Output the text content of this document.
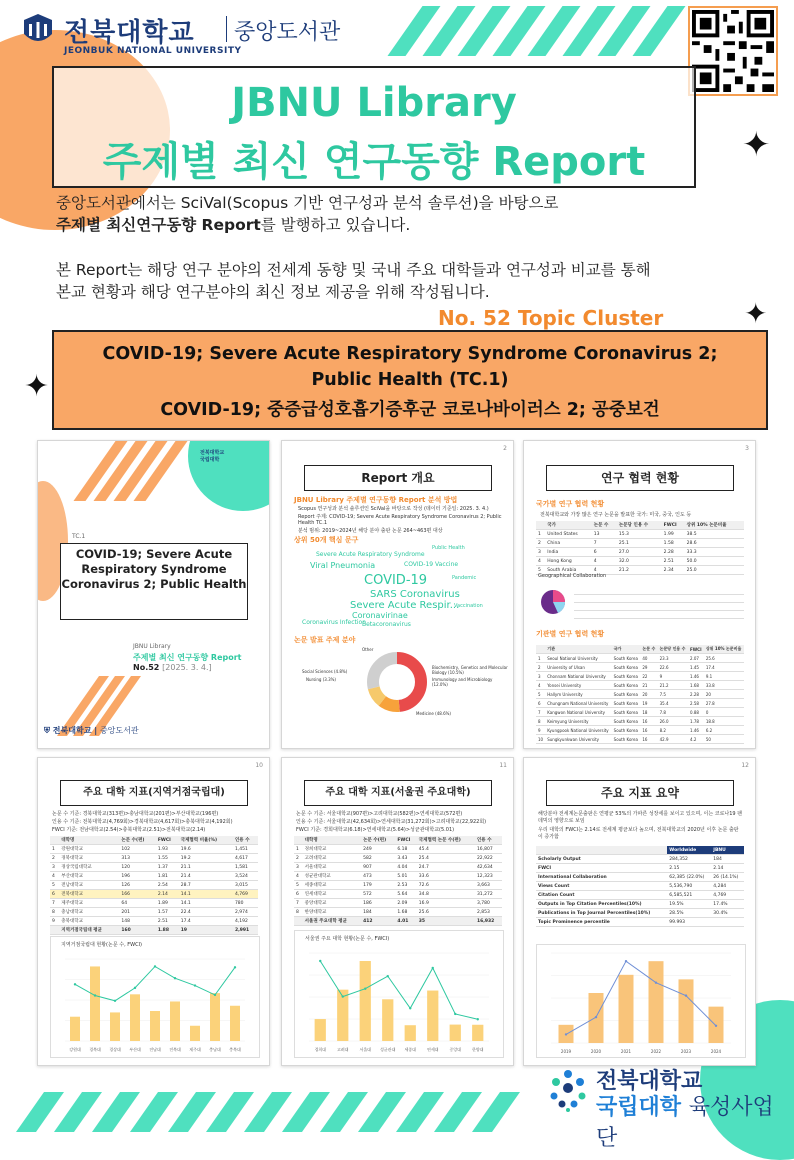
✦
✦
✦
전북대학교
JEONBUK NATIONAL UNIVERSITY
중앙도서관
JBNU Library
주제별 최신 연구동향 Report
중앙도서관에서는 SciVal(Scopus 기반 연구성과 분석 솔루션)을 바탕으로
주제별 최신연구동향 Report를 발행하고 있습니다.
본 Report는 해당 연구 분야의 전세계 동향 및 국내 주요 대학들과 연구성과 비교를 통해
본교 현황과 해당 연구분야의 최신 정보 제공을 위해 작성됩니다.
No. 52 Topic Cluster
COVID-19; Severe Acute Respiratory Syndrome Coronavirus 2;
Public Health (TC.1)
COVID-19; 중증급성호흡기증후군 코로나바이러스 2; 공중보건
전북대학교
국립대학
TC.1
COVID-19; Severe Acute Respiratory Syndrome Coronavirus 2; Public Health
JBNU Library
주제별 최신 연구동향 Report
No.52 [2025. 3. 4.]
⛨ 전북대학교 | 중앙도서관
2
Report 개요
JBNU Library 주제별 연구동향 Report 분석 방법
Scopus 연구성과 분석 솔루션인 SciVal을 바탕으로 작성 (데이터 기준일: 2025. 3. 4.)
Report 주제: COVID-19; Severe Acute Respiratory Syndrome Coronavirus 2; Public Health TC.1
분석 범위: 2019~2024년 해당 분야 출판 논문 264~463편 대상
상위 50개 핵심 문구
COVID-19
SARS Coronavirus
Severe Acute Respir...
Coronavirinae
Viral Pneumonia
Severe Acute Respiratory Syndrome
COVID-19 Vaccine
Betacoronavirus
Coronavirus Infection
Public Health
Pandemic
Vaccination
논문 발표 주제 분야
Medicine (48.6%)
Immunology and Microbiology (12.0%)
Biochemistry, Genetics and Molecular Biology (10.5%)
Other
Social Sciences (4.8%)
Nursing (3.3%)
3
연구 협력 현황
국가별 연구 협력 현황
전북대학교와 가장 많은 연구 논문을 발표한 국가: 미국, 중국, 인도 등
	국가	논문 수	논문당 인용 수	FWCI	상위 10% 논문비율
1	United States	13	15.3	1.99	38.5
2	China	7	25.1	1.58	28.6
3	India	6	27.0	2.28	33.3
4	Hong Kong	4	32.0	2.51	50.0
5	South Arabia	4	21.2	2.34	25.0
Geographical Collaboration
기관별 연구 협력 현황
	기관	국가	논문 수	논문당 인용 수	FWCI	상위 10% 논문비율
1	Seoul National University	South Korea	40	23.3	2.07	25.6
2	University of Ulsan	South Korea	29	22.6	1.45	17.4
3	Chonnam National University	South Korea	22	9	1.46	9.1
4	Yonsei University	South Korea	21	21.2	1.68	33.8
5	Hallym University	South Korea	20	7.5	2.28	20
6	Chungnam National University	South Korea	19	35.4	2.58	27.8
7	Kangwon National University	South Korea	18	7.8	0.88	0
8	Keimyung University	South Korea	16	26.0	1.78	18.8
9	Kyungpook National University	South Korea	16	8.2	1.46	6.2
10	Sungkyunkwan University	South Korea	16	42.9	4.2	50
10
주요 대학 지표(지역거점국립대)
논문 수 기준: 경북대학교(313편)>충남대학교(201편)>부산대학교(196편)
인용 수 기준: 전북대학교(4,769회)>경북대학교(4,617회)>충북대학교(4,192회)
FWCI 기준: 전남대학교(2.54)>충북대학교(2.51)>전북대학교(2.14)
	대학명	논문 수(편)	FWCI	국제협력 비율(%)	인용 수
1	강원대학교	102	1.93	19.6	1,451
2	경북대학교	313	1.55	19.2	4,617
3	경상국립대학교	120	1.37	21.1	1,581
4	부산대학교	196	1.81	21.4	3,524
5	전남대학교	126	2.54	28.7	3,015
6	전북대학교	166	2.14	14.1	4,769
7	제주대학교	64	1.89	14.1	780
8	충남대학교	201	1.57	22.4	2,974
9	충북대학교	148	2.51	17.4	4,192
	지역거점국립대 평균	160	1.88	19	2,991
지역거점국립대 현황(논문 수, FWCI)
강원대 경북대 경상대 부산대 전남대 전북대 제주대 충남대 충북대
11
주요 대학 지표(서울권 주요대학)
논문 수 기준: 서울대학교(907편)>고려대학교(582편)>연세대학교(572편)
인용 수 기준: 서울대학교(42,634회)>연세대학교(31,272회)>고려대학교(22,922회)
FWCI 기준: 경희대학교(6.18)>연세대학교(5.64)>성균관대학교(5.01)
	대학명	논문 수(편)	FWCI	국제협력 논문 수(편)	인용 수
1	경희대학교	249	6.18	45.4	16,807
2	고려대학교	582	3.43	25.4	22,922
3	서울대학교	907	4.04	24.7	42,634
4	성균관대학교	473	5.01	33.6	12,323
5	세종대학교	179	2.53	72.6	3,663
6	연세대학교	572	5.64	34.8	31,272
7	중앙대학교	186	2.09	16.9	3,780
8	한양대학교	184	1.68	25.6	2,853
	서울권 주요대학 평균	412	4.01	35	16,932
서울권 주요 대학 현황(논문 수, FWCI)
경희대	고려대	서울대 성균관대 세종대	연세대	중앙대	한양대
12
주요 지표 요약
해당분야 전세계논문출판은 연평균 53%의 가파른 성장세를 보이고 있으며, 이는 코로나19 팬데믹의 영향으로 보임
우리 대학의 FWCI는 2.14로 전세계 평균보다 높으며, 전북대학교의 2020년 이후 논문 출판이 증가함
	Worldwide	JBNU
Scholarly Output	284,352	184
FWCI	2.15	2.14
International Collaboration	62,385 (22.0%)	26 (14.1%)
Views Count	5,536,790	4,284
Citation Count	6,585,521	4,769
Outputs in Top Citation Percentiles(10%)	19.5%	17.4%
Publications in Top Journal Percentiles(10%)	28.5%	30.4%
Topic Prominence percentile	99.993	
2019	2020	2021	2022	2023	2024
전북대학교
국립대학 육성사업단
